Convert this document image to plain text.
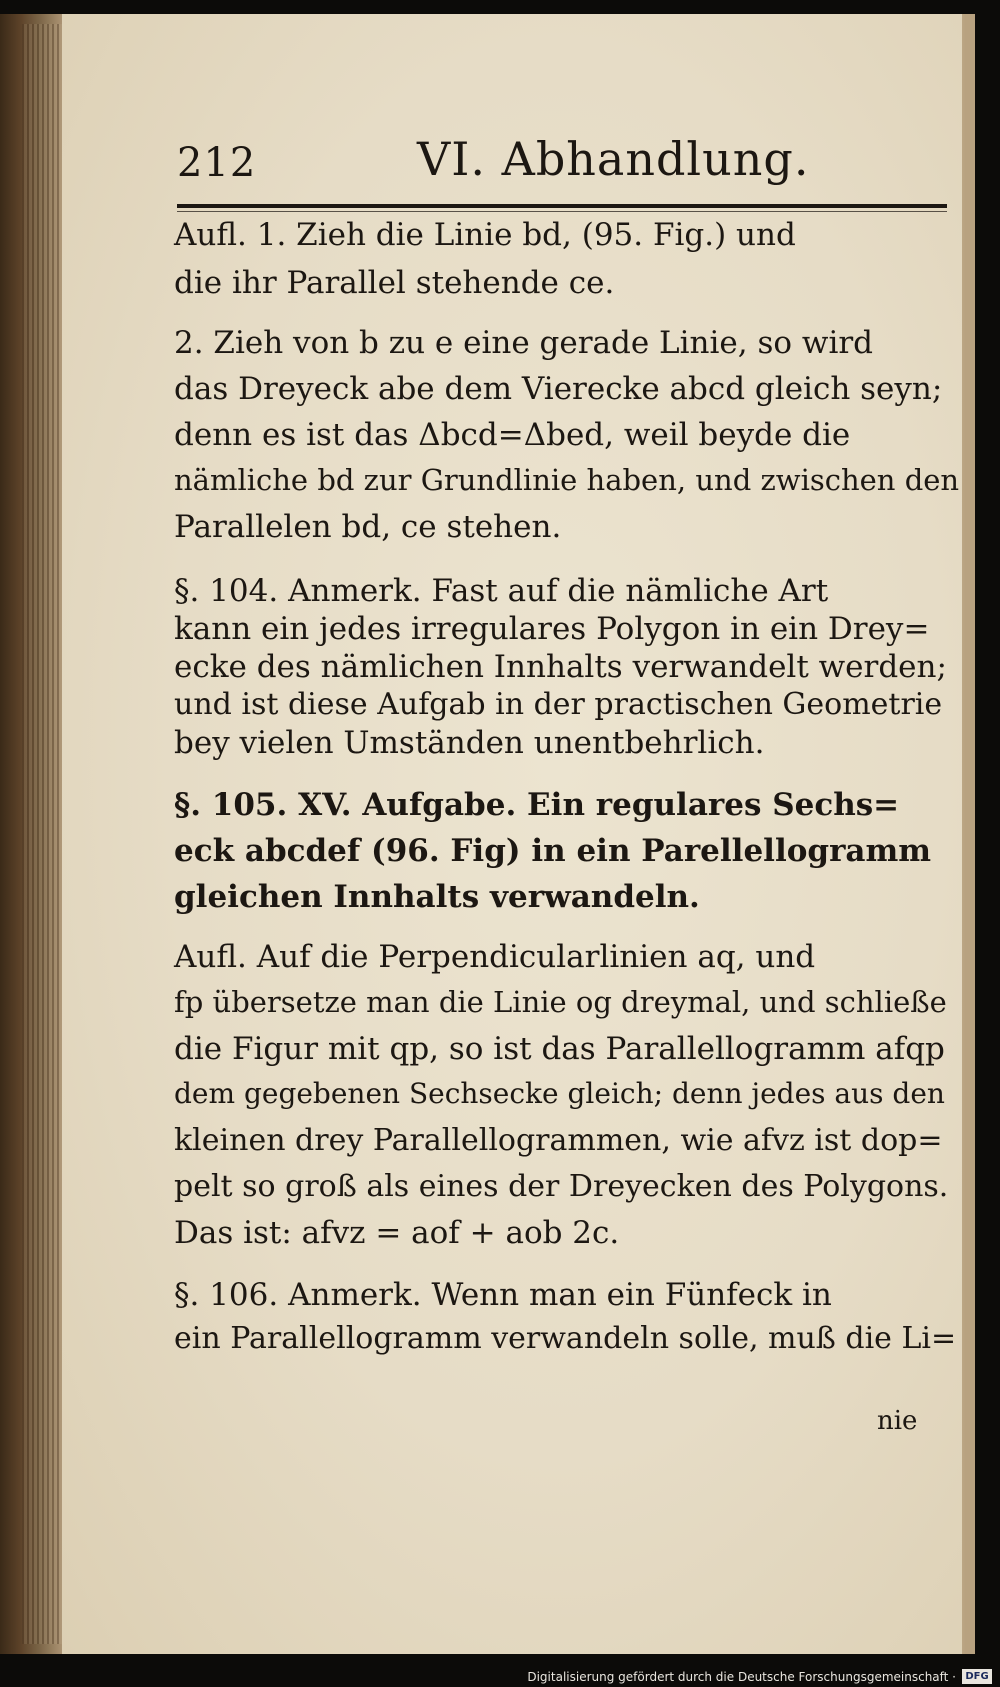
212	VI. Abhandlung.
Aufl. 1. Zieh die Linie bd, (95. Fig.) und
die ihr Parallel stehende ce.
2. Zieh von b zu e eine gerade Linie, so wird
das Dreyeck abe dem Vierecke abcd gleich seyn;
denn es ist das Δbcd=Δbed, weil beyde die
nämliche bd zur Grundlinie haben, und zwischen den
Parallelen bd, ce stehen.
§. 104. Anmerk. Fast auf die nämliche Art
kann ein jedes irregulares Polygon in ein Drey=
ecke des nämlichen Innhalts verwandelt werden;
und ist diese Aufgab in der practischen Geometrie
bey vielen Umständen unentbehrlich.
§. 105. XV. Aufgabe. Ein regulares Sechs=
eck abcdef (96. Fig) in ein Parellellogramm
gleichen Innhalts verwandeln.
Aufl. Auf die Perpendicularlinien aq, und
fp übersetze man die Linie og dreymal, und schließe
die Figur mit qp, so ist das Parallellogramm afqp
dem gegebenen Sechsecke gleich; denn jedes aus den
kleinen drey Parallellogrammen, wie afvz ist dop=
pelt so groß als eines der Dreyecken des Polygons.
Das ist: afvz = aof + aob 2c.
§. 106. Anmerk. Wenn man ein Fünfeck in
ein Parallellogramm verwandeln solle, muß die Li=
nie
Digitalisierung gefördert durch die Deutsche Forschungsgemeinschaft · DFG
